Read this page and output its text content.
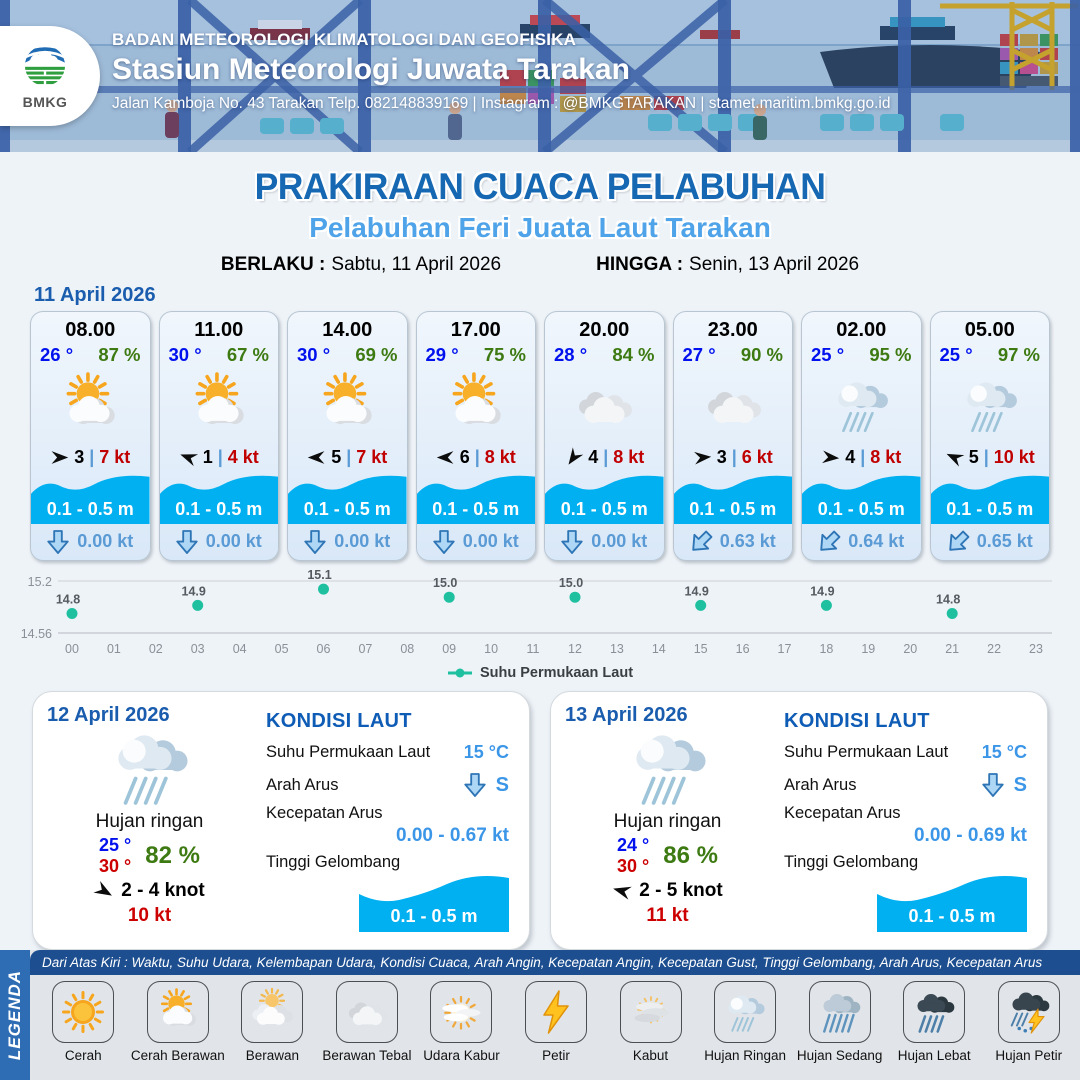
BMKG
BADAN METEOROLOGI KLIMATOLOGI DAN GEOFISIKA
Stasiun Meteorologi Juwata Tarakan
Jalan Kamboja No. 43 Tarakan Telp. 082148839169 | Instagram : @BMKGTARAKAN | stamet.maritim.bmkg.go.id
PRAKIRAAN CUACA PELABUHAN
Pelabuhan Feri Juata Laut Tarakan
BERLAKU : Sabtu, 11 April 2026	HINGGA : Senin, 13 April 2026
11 April 2026
08.00
26 ° 87 %
3 | 7 kt
0.1 - 0.5 m
0.00 kt
11.00
30 ° 67 %
1 | 4 kt
0.1 - 0.5 m
0.00 kt
14.00
30 ° 69 %
5 | 7 kt
0.1 - 0.5 m
0.00 kt
17.00
29 ° 75 %
6 | 8 kt
0.1 - 0.5 m
0.00 kt
20.00
28 ° 84 %
4 | 8 kt
0.1 - 0.5 m
0.00 kt
23.00
27 ° 90 %
3 | 6 kt
0.1 - 0.5 m
0.63 kt
02.00
25 ° 95 %
4 | 8 kt
0.1 - 0.5 m
0.64 kt
05.00
25 ° 97 %
5 | 10 kt
0.1 - 0.5 m
0.65 kt
15.2
14.56
00 01 02 03 04 05 06 07 08 09 10 11 12 13 14 15 16 17 18 19 20 21 22 23
14.8
14.9
15.1
15.0	15.0
14.9	14.9
14.8
Suhu Permukaan Laut
12 April 2026
Hujan ringan
25 °
30 ° 82 %
2 - 4 knot
10 kt
KONDISI LAUT
Suhu Permukaan Laut 15 °C
Arah Arus	S
Kecepatan Arus
0.00 - 0.67 kt
Tinggi Gelombang
0.1 - 0.5 m
13 April 2026
Hujan ringan
24 °
30 ° 86 %
2 - 5 knot
11 kt
KONDISI LAUT
Suhu Permukaan Laut 15 °C
Arah Arus	S
Kecepatan Arus
0.00 - 0.69 kt
Tinggi Gelombang
0.1 - 0.5 m
LEGENDA
Dari Atas Kiri : Waktu, Suhu Udara, Kelembapan Udara, Kondisi Cuaca, Arah Angin, Kecepatan Angin, Kecepatan Gust, Tinggi Gelombang, Arah Arus, Kecepatan Arus
Cerah Cerah Berawan Berawan Berawan Tebal Udara Kabur	Petir	Kabut	Hujan Ringan Hujan Sedang Hujan Lebat Hujan Petir
